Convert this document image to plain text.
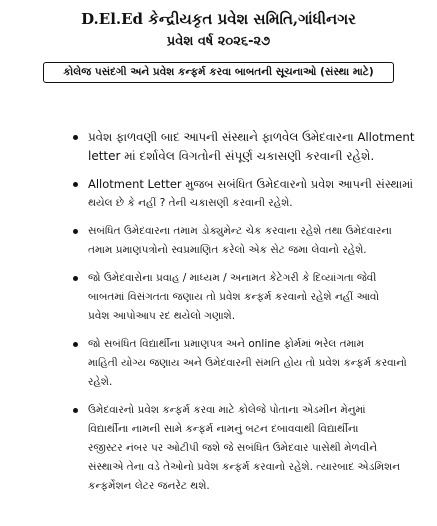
D.El.Ed કેન્દ્રીયકૃત પ્રવેશ સમિતિ,ગાંધીનગર
પ્રવેશ વર્ષ ૨૦૨૬-૨૭
કોલેજ પસંદગી અને પ્રવેશ કન્ફર્મ કરવા બાબતની સૂચનાઓ (સંસ્થા માટે)
પ્રવેશ ફાળવણી બાદ આપની સંસ્થાને ફાળવેલ ઉમેદવારના Allotment
letter માં દર્શાવેલ વિગતોની સંપૂર્ણ ચકાસણી કરવાની રહેશે.
Allotment Letter મુજબ સબંધિત ઉમેદવારનો પ્રવેશ આપની સંસ્થામાં
થયેલ છે કે નહીં ? તેની ચકાસણી કરવાની રહેશે.
સબંધિત ઉમેદવારના તમામ ડોક્યુમેન્ટ ચેક કરવાના રહેશે તથા ઉમેદવારના
તમામ પ્રમાણપત્રોનો સ્વપ્રમાણિત કરેલો એક સેટ જમા લેવાનો રહેશે.
જો ઉમેદવારોના પ્રવાહ / માધ્યમ / અનામત કેટેગરી કે દિવ્યાંગતા જેવી
બાબતમાં વિસંગતતા જણાય તો પ્રવેશ કન્ફર્મ કરવાનો રહેશે નહીં આવો
પ્રવેશ આપોઆપ રદ થયેલો ગણાશે.
જો સબંધિત વિદ્યાર્થીના પ્રમાણપત્ર અને online ફોર્મમાં ભરેલ તમામ
માહિતી યોગ્ય જણાય અને ઉમેદવારની સંમતિ હોય તો પ્રવેશ કન્ફર્મ કરવાનો
રહેશે.
ઉમેદવારનો પ્રવેશ કન્ફર્મ કરવા માટે કોલેજે પોતાના એડમીન મેનુમાં
વિદ્યાર્થીના નામની સામે કન્ફર્મ નામનું બટન દબાવવાથી વિદ્યાર્થીના
રજીસ્ટર નંબર પર ઓટીપી જશે જે સબંધિત ઉમેદવાર પાસેથી મેળવીને
સંસ્થાએ તેના વડે તેઓનો પ્રવેશ કન્ફર્મ કરવાનો રહેશે. ત્યારબાદ એડમિશન
કન્ફર્મેશન લેટર જનરેટ થશે.
